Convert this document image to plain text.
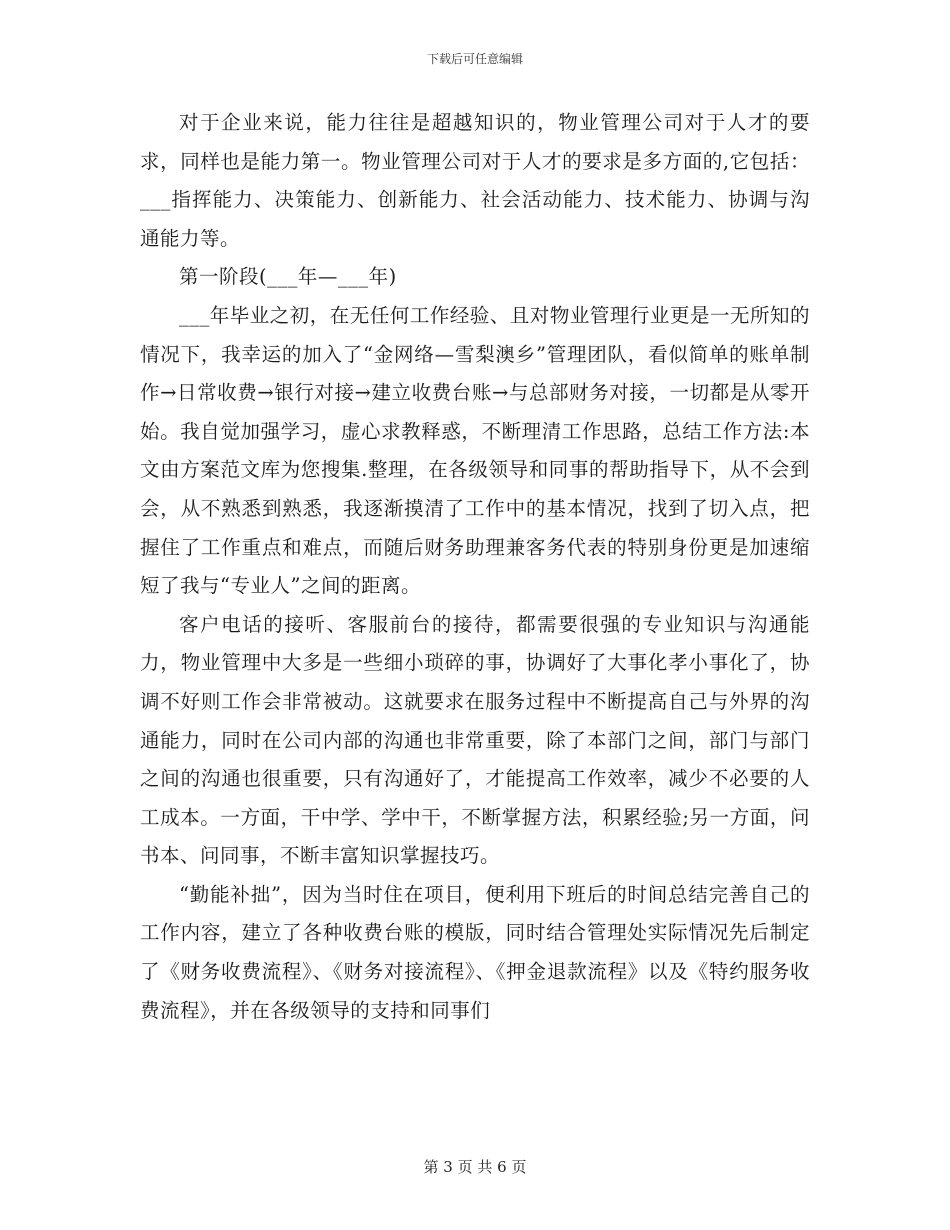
下载后可任意编辑

对于企业来说，能力往往是超越知识的，物业管理公司对于人才的要求，同样也是能力第一。物业管理公司对于人才的要求是多方面的,它包括：___指挥能力、决策能力、创新能力、社会活动能力、技术能力、协调与沟通能力等。

第一阶段(___年—___年)

___年毕业之初，在无任何工作经验、且对物业管理行业更是一无所知的情况下，我幸运的加入了“金网络—雪梨澳乡”管理团队，看似简单的账单制作→日常收费→银行对接→建立收费台账→与总部财务对接，一切都是从零开始。我自觉加强学习，虚心求教释惑，不断理清工作思路，总结工作方法:本文由方案范文库为您搜集.整理，在各级领导和同事的帮助指导下，从不会到会，从不熟悉到熟悉，我逐渐摸清了工作中的基本情况，找到了切入点，把握住了工作重点和难点，而随后财务助理兼客务代表的特别身份更是加速缩短了我与“专业人”之间的距离。

客户电话的接听、客服前台的接待，都需要很强的专业知识与沟通能力，物业管理中大多是一些细小琐碎的事，协调好了大事化孝小事化了，协调不好则工作会非常被动。这就要求在服务过程中不断提高自己与外界的沟通能力，同时在公司内部的沟通也非常重要，除了本部门之间，部门与部门之间的沟通也很重要，只有沟通好了，才能提高工作效率，减少不必要的人工成本。一方面，干中学、学中干，不断掌握方法，积累经验;另一方面，问书本、问同事，不断丰富知识掌握技巧。

“勤能补拙”，因为当时住在项目，便利用下班后的时间总结完善自己的工作内容，建立了各种收费台账的模版，同时结合管理处实际情况先后制定了《财务收费流程》、《财务对接流程》、《押金退款流程》以及《特约服务收费流程》，并在各级领导的支持和同事们

第 3 页 共 6 页
